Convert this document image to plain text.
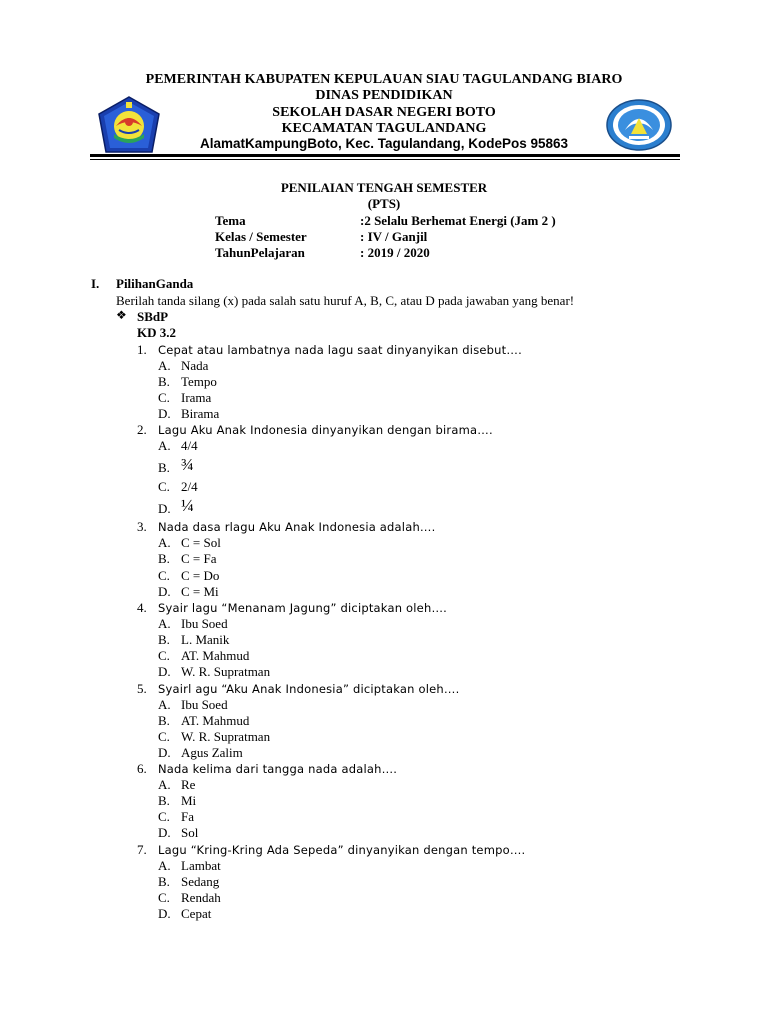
PEMERINTAH KABUPATEN KEPULAUAN SIAU TAGULANDANG BIARO
DINAS PENDIDIKAN
SEKOLAH DASAR NEGERI BOTO
KECAMATAN TAGULANDANG
AlamatKampungBoto, Kec. Tagulandang, KodePos 95863
PENILAIAN TENGAH SEMESTER
(PTS)
Tema	:2 Selalu Berhemat Energi (Jam 2 )
Kelas / Semester	: IV / Ganjil
TahunPelajaran	: 2019 / 2020
I. PilihanGanda
Berilah tanda silang (x) pada salah satu huruf A, B, C, atau D pada jawaban yang benar!
❖ SBdP
KD 3.2
1. Cepat atau lambatnya nada lagu saat dinyanyikan disebut….
A. Nada
B. Tempo
C. Irama
D. Birama
2. Lagu Aku Anak Indonesia dinyanyikan dengan birama….
A. 4/4
B. ¾
C. 2/4
D. ¼
3. Nada dasa rlagu Aku Anak Indonesia adalah….
A. C = Sol
B. C = Fa
C. C = Do
D. C = Mi
4. Syair lagu “Menanam Jagung” diciptakan oleh….
A. Ibu Soed
B. L. Manik
C. AT. Mahmud
D. W. R. Supratman
5. Syairl agu “Aku Anak Indonesia” diciptakan oleh….
A. Ibu Soed
B. AT. Mahmud
C. W. R. Supratman
D. Agus Zalim
6. Nada kelima dari tangga nada adalah….
A. Re
B. Mi
C. Fa
D. Sol
7. Lagu “Kring-Kring Ada Sepeda” dinyanyikan dengan tempo….
A. Lambat
B. Sedang
C. Rendah
D. Cepat
